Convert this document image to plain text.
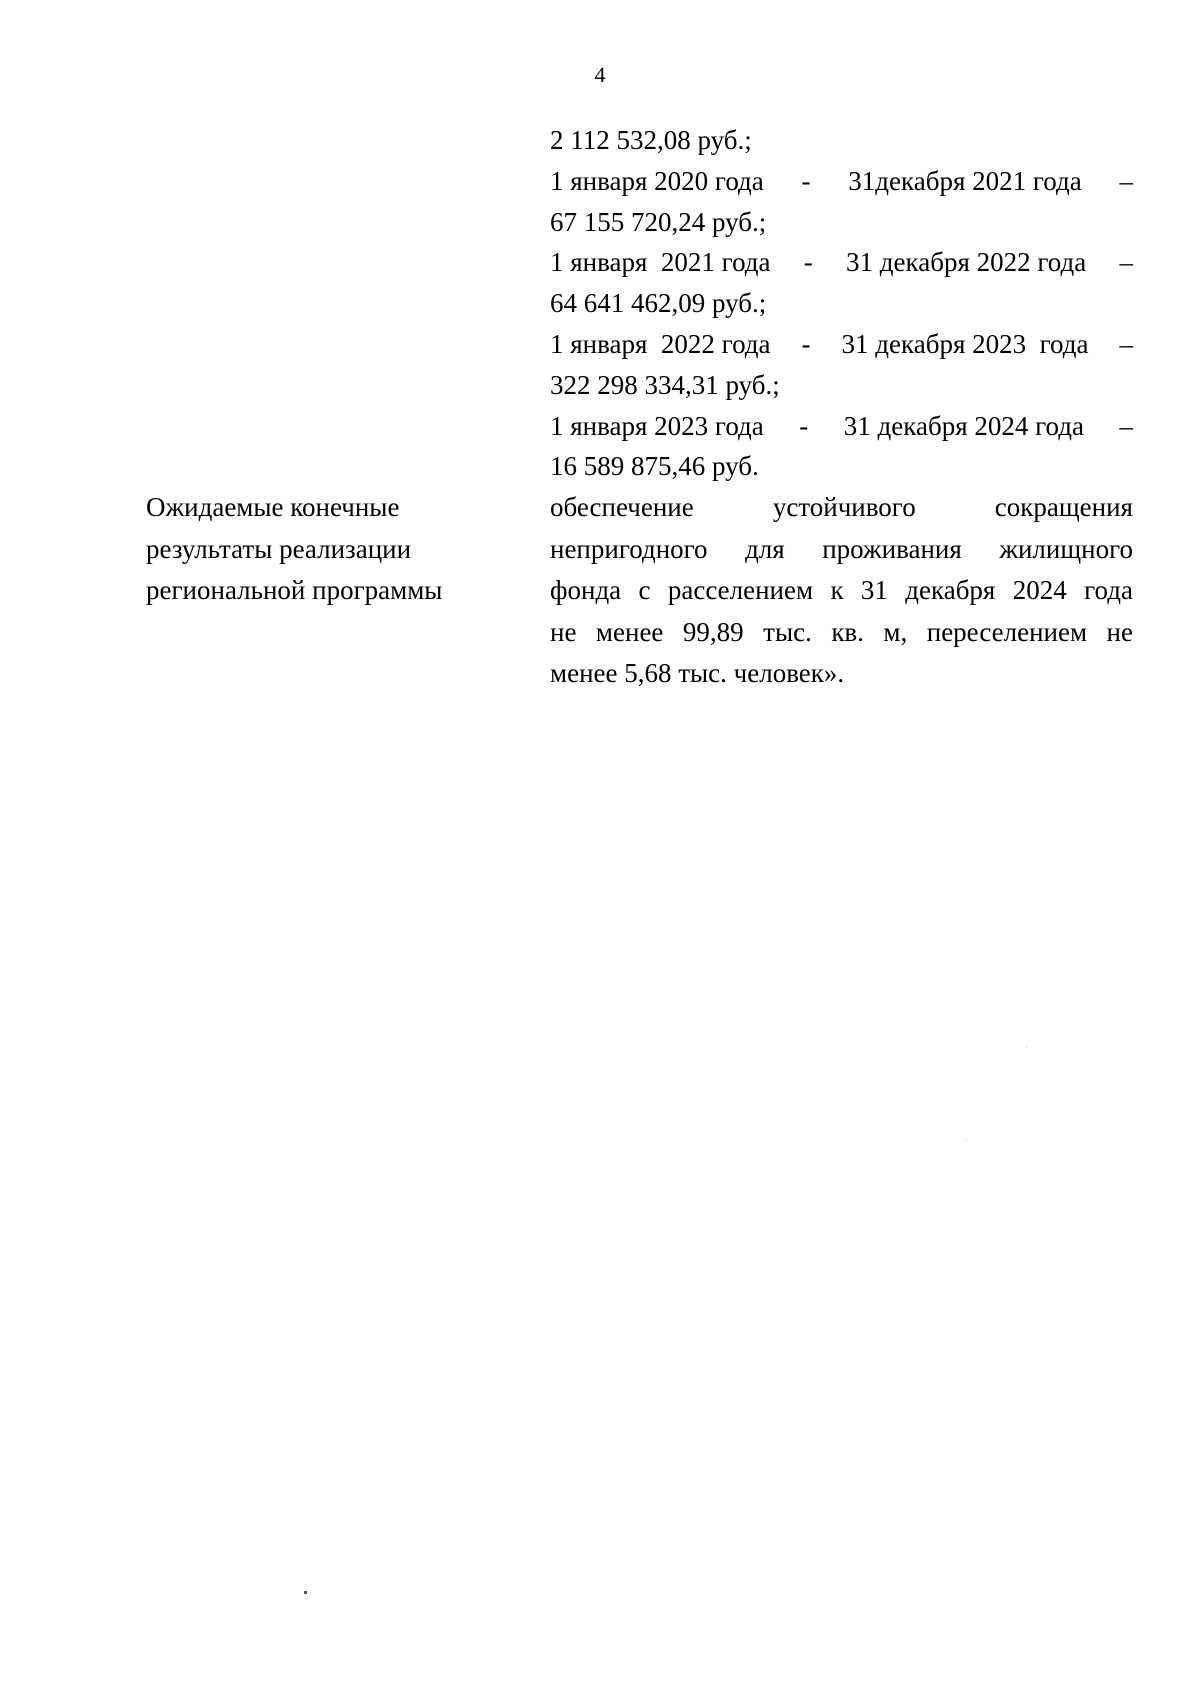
4
2 112 532,08 руб.;
1 января 2020 года - 31декабря 2021 года –
67 155 720,24 руб.;
1 января  2021 года - 31 декабря 2022 года –
64 641 462,09 руб.;
1 января  2022 года - 31 декабря 2023  года –
322 298 334,31 руб.;
1 января 2023 года - 31 декабря 2024 года –
16 589 875,46 руб.
Ожидаемые конечные
результаты реализации
региональной программы
обеспечение	устойчивого	сокращения
непригодного для проживания жилищного
фонда с расселением к 31 декабря 2024 года
не менее 99,89 тыс. кв. м, переселением не
менее 5,68 тыс. человек».
